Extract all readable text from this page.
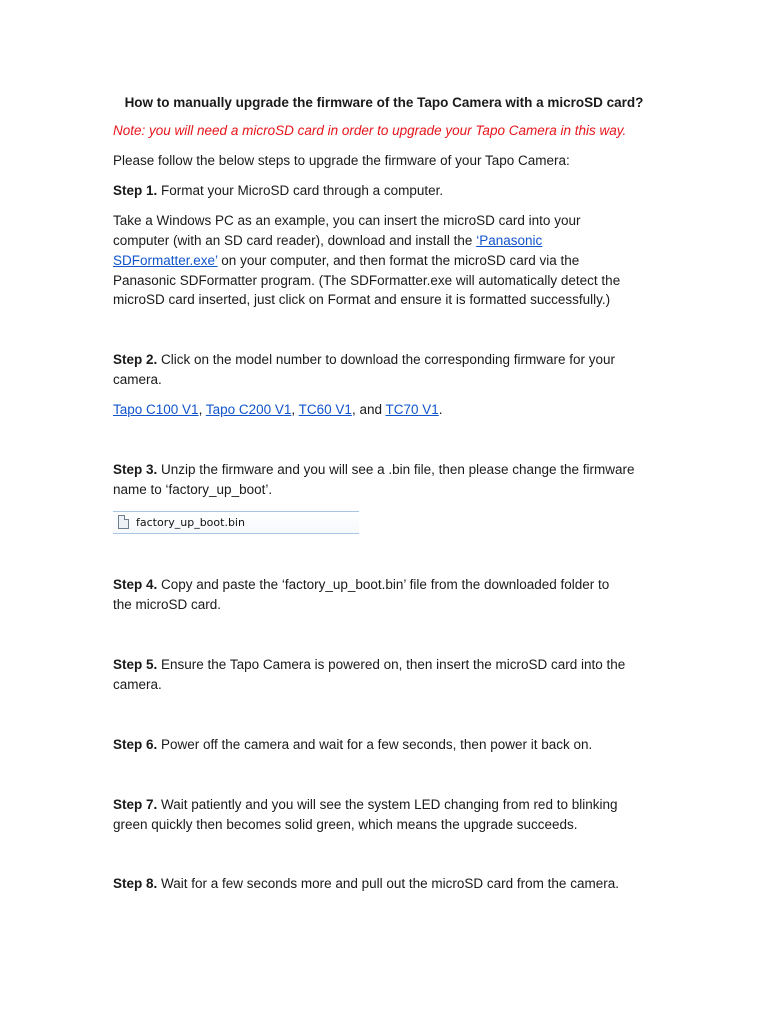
How to manually upgrade the firmware of the Tapo Camera with a microSD card?
Note: you will need a microSD card in order to upgrade your Tapo Camera in this way.
Please follow the below steps to upgrade the firmware of your Tapo Camera:
Step 1. Format your MicroSD card through a computer.
Take a Windows PC as an example, you can insert the microSD card into your
computer (with an SD card reader), download and install the ‘Panasonic
SDFormatter.exe’ on your computer, and then format the microSD card via the
Panasonic SDFormatter program. (The SDFormatter.exe will automatically detect the
microSD card inserted, just click on Format and ensure it is formatted successfully.)
Step 2. Click on the model number to download the corresponding firmware for your
camera.
Tapo C100 V1, Tapo C200 V1, TC60 V1, and TC70 V1.
Step 3. Unzip the firmware and you will see a .bin file, then please change the firmware
name to ‘factory_up_boot’.
factory_up_boot.bin
Step 4. Copy and paste the ‘factory_up_boot.bin’ file from the downloaded folder to
the microSD card.
Step 5. Ensure the Tapo Camera is powered on, then insert the microSD card into the
camera.
Step 6. Power off the camera and wait for a few seconds, then power it back on.
Step 7. Wait patiently and you will see the system LED changing from red to blinking
green quickly then becomes solid green, which means the upgrade succeeds.
Step 8. Wait for a few seconds more and pull out the microSD card from the camera.
